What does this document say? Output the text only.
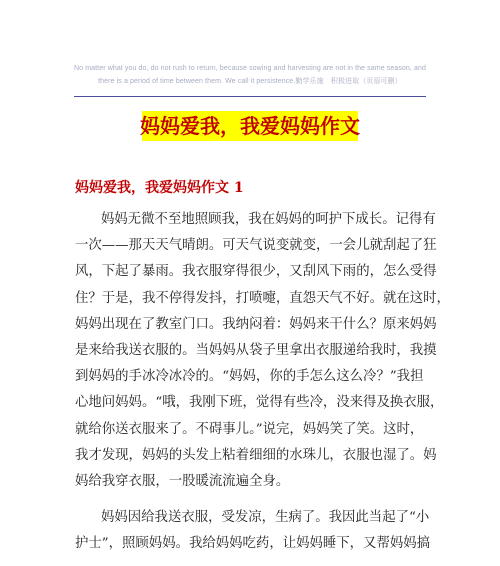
No matter what you do, do not rush to return, because sowing and harvesting are not in the same season, and
there is a period of time between them. We call it persistence.勤学乐施　积极进取（页眉可删）
妈妈爱我，我爱妈妈作文
妈妈爱我，我爱妈妈作文 1
妈妈无微不至地照顾我，我在妈妈的呵护下成长。记得有
一次——那天天气晴朗。可天气说变就变，一会儿就刮起了狂
风，下起了暴雨。我衣服穿得很少，又刮风下雨的，怎么受得
住？于是，我不停得发抖，打喷嚏，直怨天气不好。就在这时，
妈妈出现在了教室门口。我纳闷着：妈妈来干什么？原来妈妈
是来给我送衣服的。当妈妈从袋子里拿出衣服递给我时，我摸
到妈妈的手冰冷冰冷的。“妈妈，你的手怎么这么冷？”我担
心地问妈妈。“哦，我刚下班，觉得有些冷，没来得及换衣服，
就给你送衣服来了。不碍事儿。”说完，妈妈笑了笑。这时，
我才发现，妈妈的头发上粘着细细的水珠儿，衣服也湿了。妈
妈给我穿衣服，一股暖流流遍全身。
妈妈因给我送衣服，受发凉，生病了。我因此当起了“小
护士”，照顾妈妈。我给妈妈吃药，让妈妈睡下，又帮妈妈搞
